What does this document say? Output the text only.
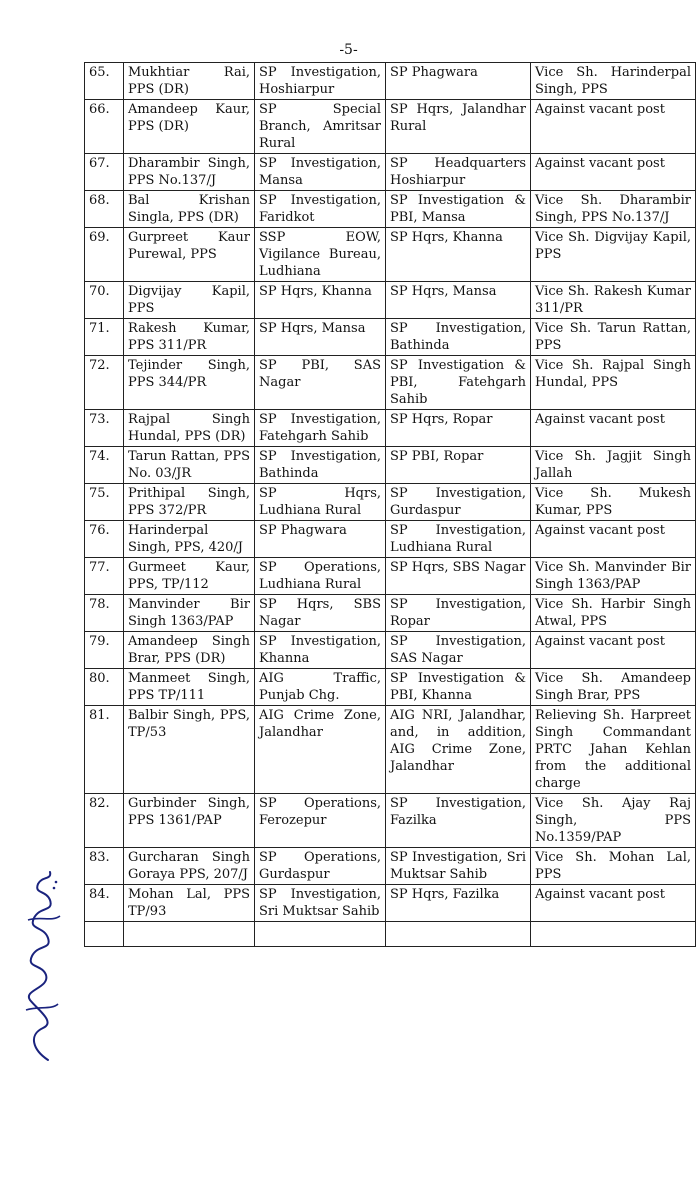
-5-
65.	Mukhtiar Rai, PPS (DR)	SP Investigation, Hoshiarpur	SP Phagwara	Vice Sh. Harinderpal Singh, PPS
66.	Amandeep Kaur, PPS (DR)	SP Special Branch, Amritsar Rural	SP Hqrs, Jalandhar Rural	Against vacant post
67.	Dharambir Singh, PPS No.137/J	SP Investigation, Mansa	SP Headquarters Hoshiarpur	Against vacant post
68.	Bal Krishan Singla, PPS (DR)	SP Investigation, Faridkot	SP Investigation & PBI, Mansa	Vice Sh. Dharambir Singh, PPS No.137/J
69.	Gurpreet Kaur Purewal, PPS	SSP EOW, Vigilance Bureau, Ludhiana	SP Hqrs, Khanna	Vice Sh. Digvijay Kapil, PPS
70.	Digvijay Kapil, PPS	SP Hqrs, Khanna	SP Hqrs, Mansa	Vice Sh. Rakesh Kumar 311/PR
71.	Rakesh Kumar, PPS 311/PR	SP Hqrs, Mansa	SP Investigation, Bathinda	Vice Sh. Tarun Rattan, PPS
72.	Tejinder Singh, PPS 344/PR	SP PBI, SAS Nagar	SP Investigation & PBI, Fatehgarh Sahib	Vice Sh. Rajpal Singh Hundal, PPS
73.	Rajpal Singh Hundal, PPS (DR)	SP Investigation, Fatehgarh Sahib	SP Hqrs, Ropar	Against vacant post
74.	Tarun Rattan, PPS No. 03/JR	SP Investigation, Bathinda	SP PBI, Ropar	Vice Sh. Jagjit Singh Jallah
75.	Prithipal Singh, PPS 372/PR	SP Hqrs, Ludhiana Rural	SP Investigation, Gurdaspur	Vice Sh. Mukesh Kumar, PPS
76.	Harinderpal Singh, PPS, 420/J	SP Phagwara	SP Investigation, Ludhiana Rural	Against vacant post
77.	Gurmeet Kaur, PPS, TP/112	SP Operations, Ludhiana Rural	SP Hqrs, SBS Nagar	Vice Sh. Manvinder Bir Singh 1363/PAP
78.	Manvinder Bir Singh 1363/PAP	SP Hqrs, SBS Nagar	SP Investigation, Ropar	Vice Sh. Harbir Singh Atwal, PPS
79.	Amandeep Singh Brar, PPS (DR)	SP Investigation, Khanna	SP Investigation, SAS Nagar	Against vacant post
80.	Manmeet Singh, PPS TP/111	AIG Traffic, Punjab Chg.	SP Investigation & PBI, Khanna	Vice Sh. Amandeep Singh Brar, PPS
81.	Balbir Singh, PPS, TP/53	AIG Crime Zone, Jalandhar	AIG NRI, Jalandhar, and, in addition, AIG Crime Zone, Jalandhar	Relieving Sh. Harpreet Singh Commandant PRTC Jahan Kehlan from the additional charge
82.	Gurbinder Singh, PPS 1361/PAP	SP Operations, Ferozepur	SP Investigation, Fazilka	Vice Sh. Ajay Raj Singh, PPS No.1359/PAP
83.	Gurcharan Singh Goraya PPS, 207/J	SP Operations, Gurdaspur	SP Investigation, Sri Muktsar Sahib	Vice Sh. Mohan Lal, PPS
84.	Mohan Lal, PPS TP/93	SP Investigation, Sri Muktsar Sahib	SP Hqrs, Fazilka	Against vacant post
